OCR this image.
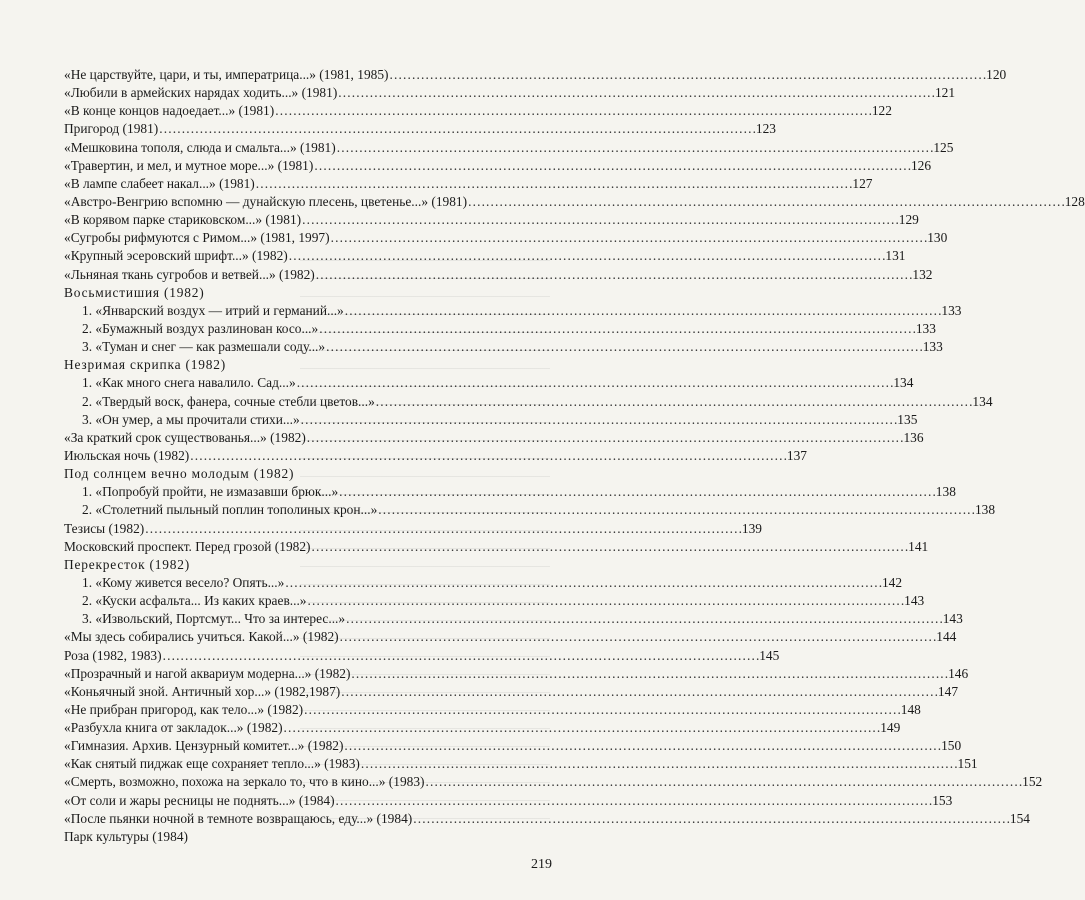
«Не царствуйте, цари, и ты, императрица...» (1981, 1985) . . .	120
«Любили в армейских нарядах ходить...» (1981) . . .	121
«В конце концов надоедает...» (1981) . . .	122
Пригород (1981) . . .	123
«Мешковина тополя, слюда и смальта...» (1981) . . .	125
«Травертин, и мел, и мутное море...» (1981) . . .	126
«В лампе слабеет накал...» (1981) . . .	127
«Австро-Венгрию вспомню — дунайскую плесень, цветенье...» (1981) . . .	128
«В корявом парке стариковском...» (1981) . . .	129
«Сугробы рифмуются с Римом...» (1981, 1997) . . .	130
«Крупный эсеровский шрифт...» (1982) . . .	131
«Льняная ткань сугробов и ветвей...» (1982) . . .	132
Восьмистишия (1982)
1. «Январский воздух — итрий и германий...» . . .	133
2. «Бумажный воздух разлинован косо...» . . .	133
3. «Туман и снег — как размешали соду...» . . .	133
Незримая скрипка (1982)
1. «Как много снега навалило. Сад...» . . .	134
2. «Твердый воск, фанера, сочные стебли цветов...» . . .	134
3. «Он умер, а мы прочитали стихи...» . . .	135
«За краткий срок существованья...» (1982) . . .	136
Июльская ночь (1982) . . .	137
Под солнцем вечно молодым (1982)
1. «Попробуй пройти, не измазавши брюк...» . . .	138
2. «Столетний пыльный поплин тополиных крон...» . . .	138
Тезисы (1982) . . .	139
Московский проспект. Перед грозой (1982) . . .	141
Перекресток (1982)
1. «Кому живется весело? Опять...» . . .	142
2. «Куски асфальта... Из каких краев...» . . .	143
3. «Извольский, Портсмут... Что за интерес...» . . .	143
«Мы здесь собирались учиться. Какой...» (1982) . . .	144
Роза (1982, 1983) . . .	145
«Прозрачный и нагой аквариум модерна...» (1982) . . .	146
«Коньячный зной. Античный хор...» (1982,1987) . . .	147
«Не прибран пригород, как тело...» (1982) . . .	148
«Разбухла книга от закладок...» (1982) . . .	149
«Гимназия. Архив. Цензурный комитет...» (1982) . . .	150
«Как снятый пиджак еще сохраняет тепло...» (1983) . . .	151
«Смерть, возможно, похожа на зеркало то, что в кино...» (1983) . . .	152
«От соли и жары ресницы не поднять...» (1984) . . .	153
«После пьянки ночной в темноте возвращаюсь, еду...» (1984) . . .	154
Парк культуры (1984)
219
